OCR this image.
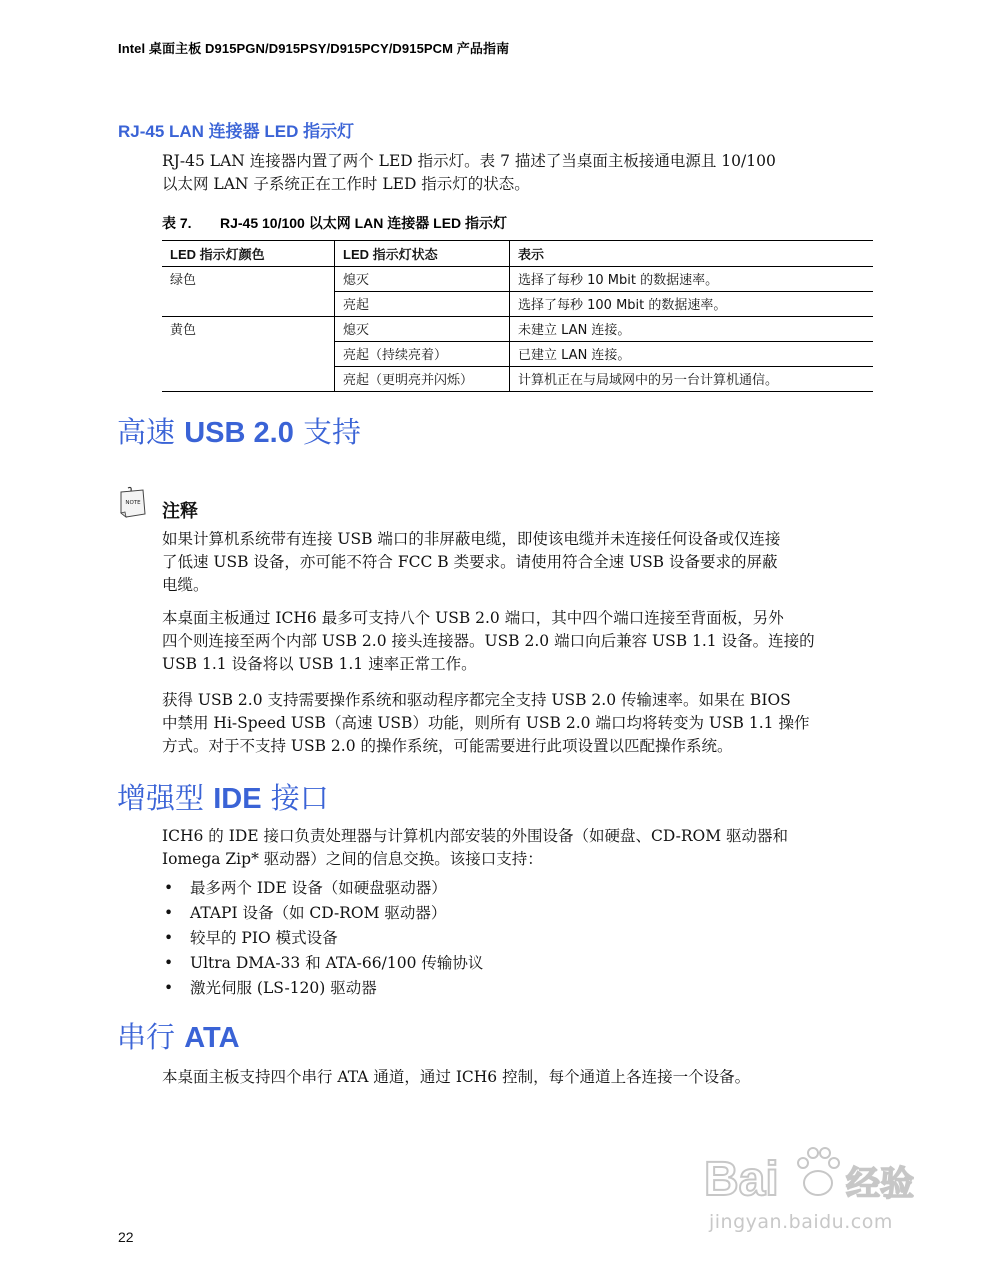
Intel 桌面主板 D915PGN/D915PSY/D915PCY/D915PCM 产品指南
RJ-45 LAN 连接器 LED 指示灯
RJ-45 LAN 连接器内置了两个 LED 指示灯。表 7 描述了当桌面主板接通电源且 10/100
以太网 LAN 子系统正在工作时 LED 指示灯的状态。
表 7. RJ-45 10/100 以太网 LAN 连接器 LED 指示灯
LED 指示灯颜色	LED 指示灯状态	表示
绿色	熄灭	选择了每秒 10 Mbit 的数据速率。
	亮起	选择了每秒 100 Mbit 的数据速率。
黄色	熄灭	未建立 LAN 连接。
	亮起（持续亮着）	已建立 LAN 连接。
	亮起（更明亮并闪烁）	计算机正在与局域网中的另一台计算机通信。
高速 USB 2.0 支持
NOTE 注释
如果计算机系统带有连接 USB 端口的非屏蔽电缆，即使该电缆并未连接任何设备或仅连接
了低速 USB 设备，亦可能不符合 FCC B 类要求。请使用符合全速 USB 设备要求的屏蔽
电缆。
本桌面主板通过 ICH6 最多可支持八个 USB 2.0 端口，其中四个端口连接至背面板，另外
四个则连接至两个内部 USB 2.0 接头连接器。USB 2.0 端口向后兼容 USB 1.1 设备。连接的
USB 1.1 设备将以 USB 1.1 速率正常工作。
获得 USB 2.0 支持需要操作系统和驱动程序都完全支持 USB 2.0 传输速率。如果在 BIOS
中禁用 Hi-Speed USB（高速 USB）功能，则所有 USB 2.0 端口均将转变为 USB 1.1 操作
方式。对于不支持 USB 2.0 的操作系统，可能需要进行此项设置以匹配操作系统。
增强型 IDE 接口
ICH6 的 IDE 接口负责处理器与计算机内部安装的外围设备（如硬盘、CD-ROM 驱动器和
Iomega Zip* 驱动器）之间的信息交换。该接口支持：
• 最多两个 IDE 设备（如硬盘驱动器）
• ATAPI 设备（如 CD-ROM 驱动器）
• 较早的 PIO 模式设备
• Ultra DMA-33 和 ATA-66/100 传输协议
• 激光伺服 (LS-120) 驱动器
串行 ATA
本桌面主板支持四个串行 ATA 通道，通过 ICH6 控制，每个通道上各连接一个设备。
22
Bai 经验
jingyan.baidu.com
